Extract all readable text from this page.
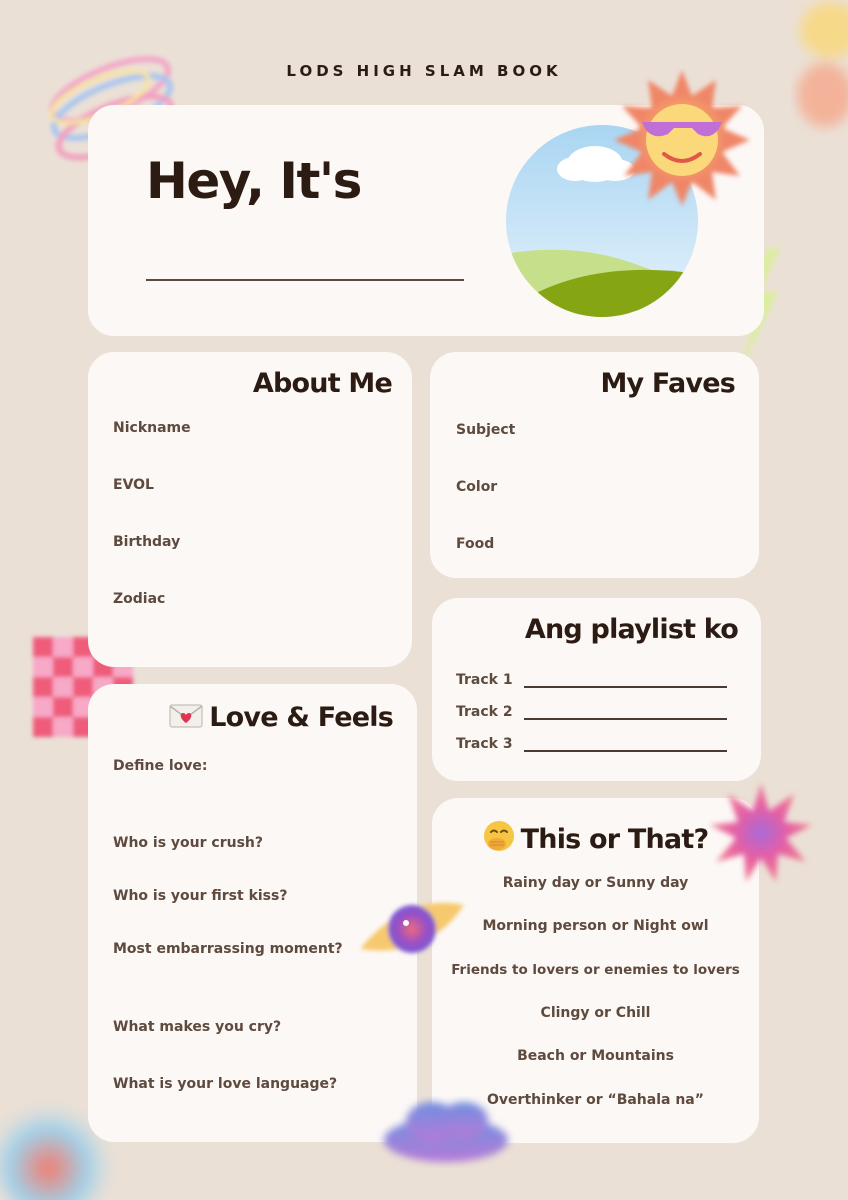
LODS HIGH SLAM BOOK
Hey, It's
About Me
Nickname
EVOL
Birthday
Zodiac
My Faves
Subject
Color
Food
Ang playlist ko
Track 1
Track 2
Track 3
Love & Feels
Define love:
Who is your crush?
Who is your first kiss?
Most embarrassing moment?
What makes you cry?
What is your love language?
This or That?
Rainy day or Sunny day
Morning person or Night owl
Friends to lovers or enemies to lovers
Clingy or Chill
Beach or Mountains
Overthinker or “Bahala na”
